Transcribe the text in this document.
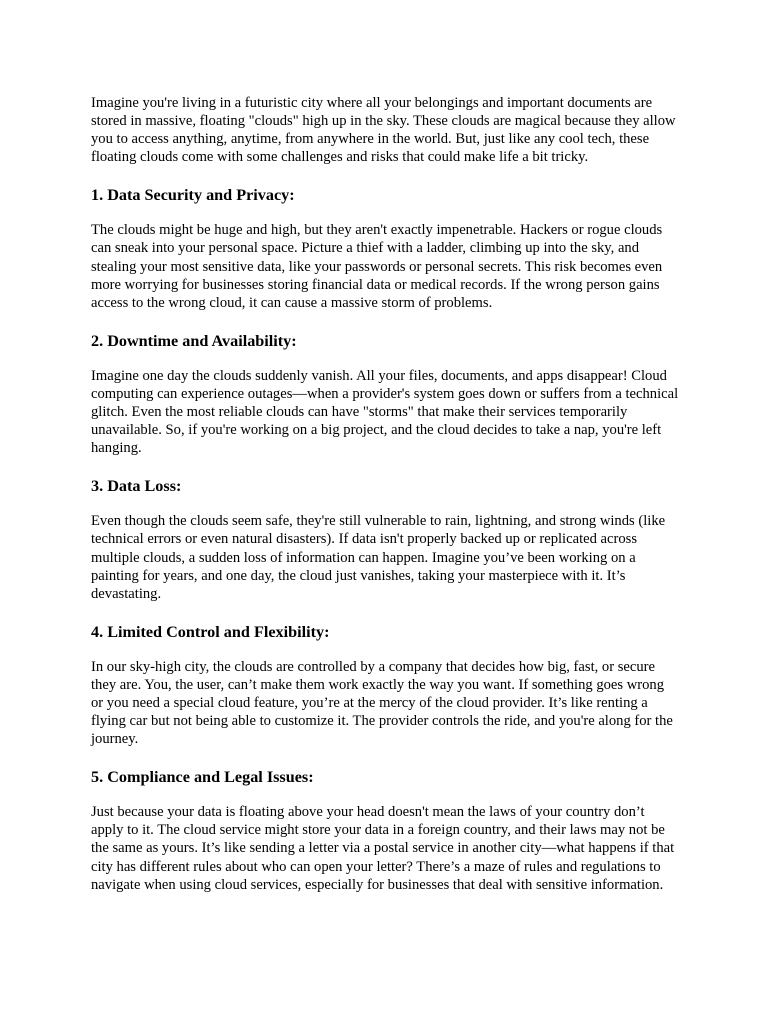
Imagine you're living in a futuristic city where all your belongings and important documents are stored in massive, floating "clouds" high up in the sky. These clouds are magical because they allow you to access anything, anytime, from anywhere in the world. But, just like any cool tech, these floating clouds come with some challenges and risks that could make life a bit tricky.

1. Data Security and Privacy:

The clouds might be huge and high, but they aren't exactly impenetrable. Hackers or rogue clouds can sneak into your personal space. Picture a thief with a ladder, climbing up into the sky, and stealing your most sensitive data, like your passwords or personal secrets. This risk becomes even more worrying for businesses storing financial data or medical records. If the wrong person gains access to the wrong cloud, it can cause a massive storm of problems.

2. Downtime and Availability:

Imagine one day the clouds suddenly vanish. All your files, documents, and apps disappear! Cloud computing can experience outages—when a provider's system goes down or suffers from a technical glitch. Even the most reliable clouds can have "storms" that make their services temporarily unavailable. So, if you're working on a big project, and the cloud decides to take a nap, you're left hanging.

3. Data Loss:

Even though the clouds seem safe, they're still vulnerable to rain, lightning, and strong winds (like technical errors or even natural disasters). If data isn't properly backed up or replicated across multiple clouds, a sudden loss of information can happen. Imagine you’ve been working on a painting for years, and one day, the cloud just vanishes, taking your masterpiece with it. It’s devastating.

4. Limited Control and Flexibility:

In our sky-high city, the clouds are controlled by a company that decides how big, fast, or secure they are. You, the user, can’t make them work exactly the way you want. If something goes wrong or you need a special cloud feature, you’re at the mercy of the cloud provider. It’s like renting a flying car but not being able to customize it. The provider controls the ride, and you're along for the journey.

5. Compliance and Legal Issues:

Just because your data is floating above your head doesn't mean the laws of your country don’t apply to it. The cloud service might store your data in a foreign country, and their laws may not be the same as yours. It’s like sending a letter via a postal service in another city—what happens if that city has different rules about who can open your letter? There’s a maze of rules and regulations to navigate when using cloud services, especially for businesses that deal with sensitive information.
